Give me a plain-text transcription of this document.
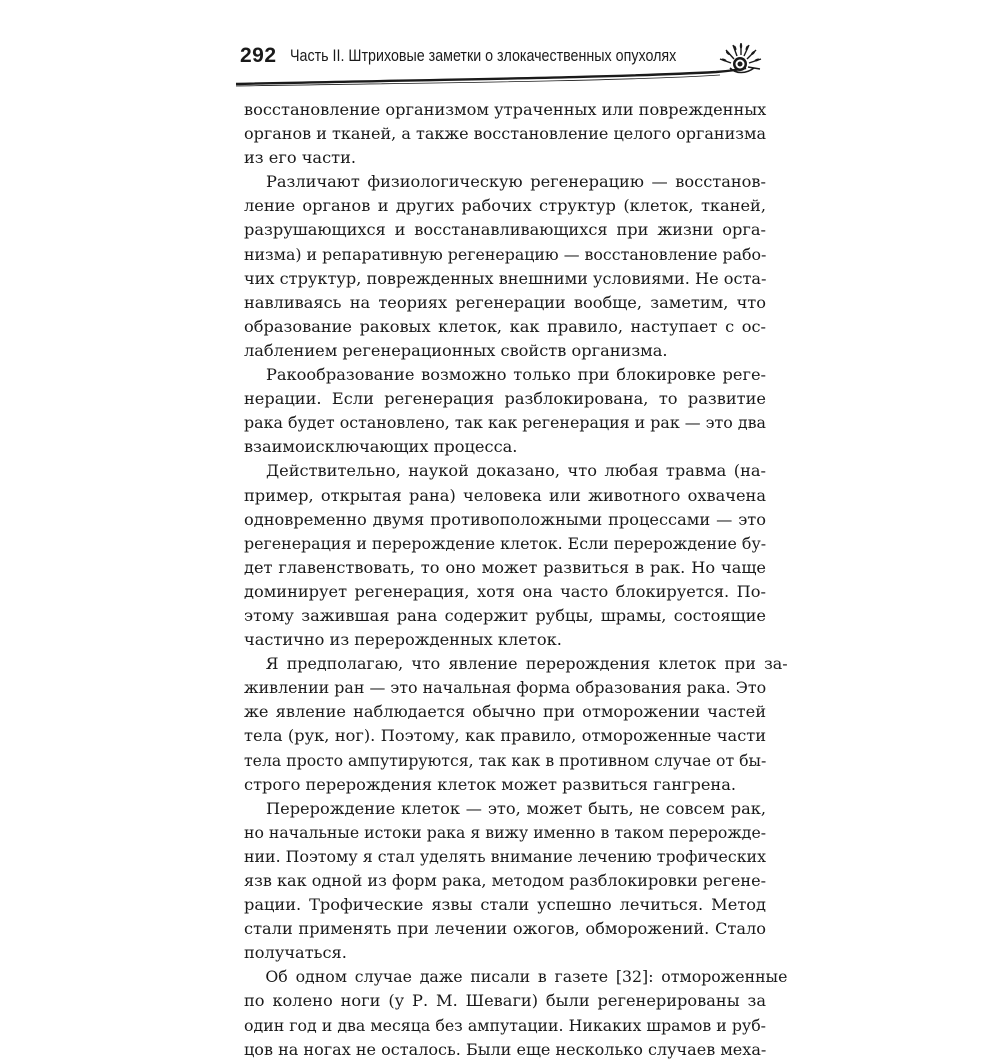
292 Часть II. Штриховые заметки о злокачественных опухолях
восстановление организмом утраченных или поврежденных
органов и тканей, а также восстановление целого организма
из его части.
Различают физиологическую регенерацию — восстанов-
ление органов и других рабочих структур (клеток, тканей,
разрушающихся и восстанавливающихся при жизни орга-
низма) и репаративную регенерацию — восстановление рабо-
чих структур, поврежденных внешними условиями. Не оста-
навливаясь на теориях регенерации вообще, заметим, что
образование раковых клеток, как правило, наступает с ос-
лаблением регенерационных свойств организма.
Ракообразование возможно только при блокировке реге-
нерации. Если регенерация разблокирована, то развитие
рака будет остановлено, так как регенерация и рак — это два
взаимоисключающих процесса.
Действительно, наукой доказано, что любая травма (на-
пример, открытая рана) человека или животного охвачена
одновременно двумя противоположными процессами — это
регенерация и перерождение клеток. Если перерождение бу-
дет главенствовать, то оно может развиться в рак. Но чаще
доминирует регенерация, хотя она часто блокируется. По-
этому зажившая рана содержит рубцы, шрамы, состоящие
частично из перерожденных клеток.
Я предполагаю, что явление перерождения клеток при за-
живлении ран — это начальная форма образования рака. Это
же явление наблюдается обычно при отморожении частей
тела (рук, ног). Поэтому, как правило, отмороженные части
тела просто ампутируются, так как в противном случае от бы-
строго перерождения клеток может развиться гангрена.
Перерождение клеток — это, может быть, не совсем рак,
но начальные истоки рака я вижу именно в таком перерожде-
нии. Поэтому я стал уделять внимание лечению трофических
язв как одной из форм рака, методом разблокировки регене-
рации. Трофические язвы стали успешно лечиться. Метод
стали применять при лечении ожогов, обморожений. Стало
получаться.
Об одном случае даже писали в газете [32]: отмороженные
по колено ноги (у Р. М. Шеваги) были регенерированы за
один год и два месяца без ампутации. Никаких шрамов и руб-
цов на ногах не осталось. Были еще несколько случаев меха-
